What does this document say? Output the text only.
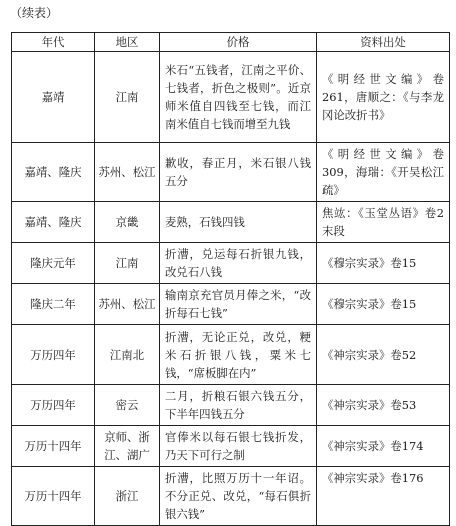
（续表）
年代	地区	价格	资料出处
嘉靖	江南	米石“五钱者，江南之平价、七钱者，折色之极则”。近京师米值自四钱至七钱，而江南米值自七钱而增至九钱	《明经世文编》卷261，唐顺之：《与李龙冈论改折书》
嘉靖、隆庆	苏州、松江	歉收，春正月，米石银八钱五分	《明经世文编》卷309，海瑞：《开吴松江疏》
嘉靖、隆庆	京畿	麦熟，石钱四钱	焦竑：《玉堂丛语》卷2末段
隆庆元年	江南	折漕，兑运每石折银九钱，改兑石八钱	《穆宗实录》卷15
隆庆二年	苏州、松江	输南京充官员月俸之米，“改折每石七钱”	《穆宗实录》卷15
万历四年	江南北	折漕，无论正兑，改兑，粳米石折银八钱，粟米七钱，“席板脚在内”	《神宗实录》卷52
万历四年	密云	二月，折粮石银六钱五分，下半年四钱五分	《神宗实录》卷53
万历十四年	京师、浙江、湖广	官俸米以每石银七钱折发，乃天下可行之制	《神宗实录》卷174
万历十四年	浙江	折漕，比照万历十一年诏。不分正兑、改兑，“每石俱折银六钱”	《神宗实录》卷176
